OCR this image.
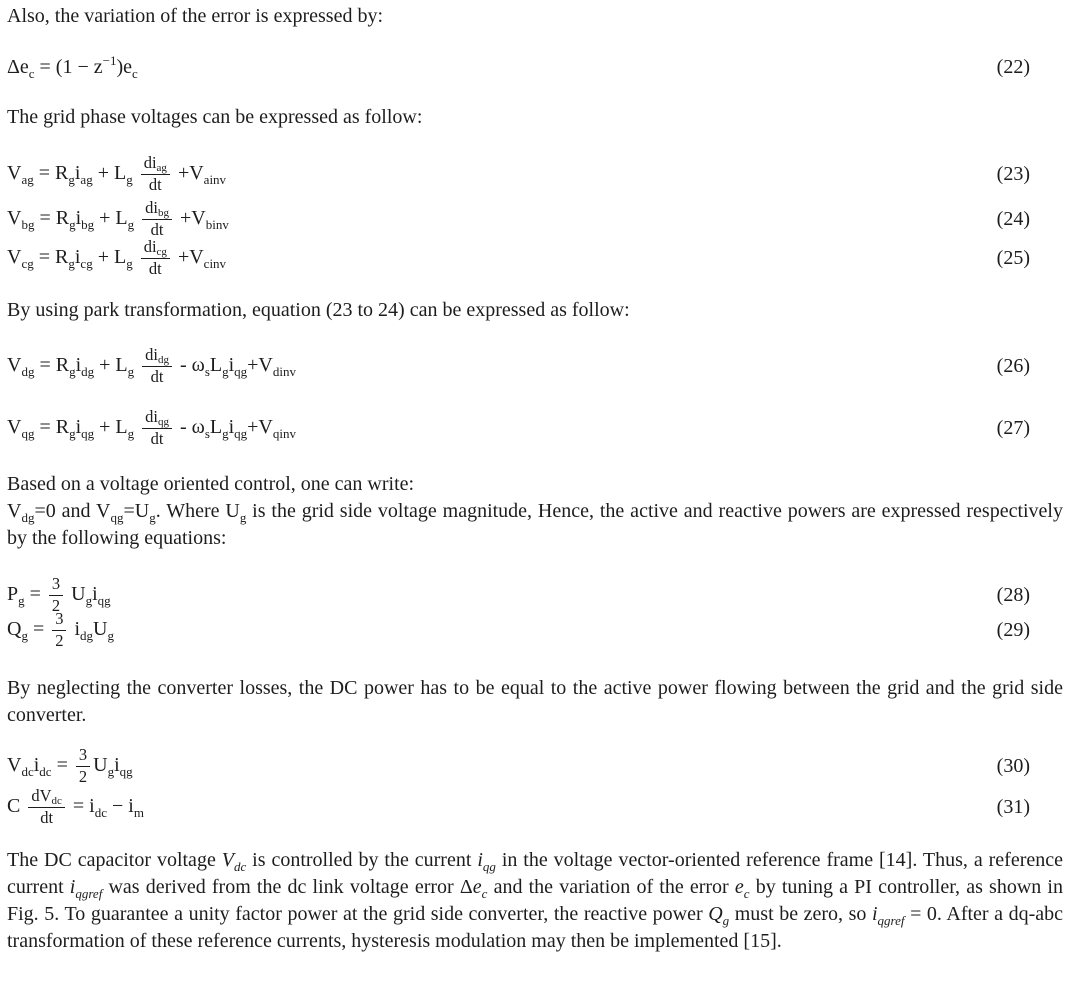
Also, the variation of the error is expressed by:

$\Delta e_c = (1 - z^{-1})e_c$	(22)

The grid phase voltages can be expressed as follow:

$V_{ag} = R_gi_{ag} + L_g \frac{\text{diag}}{dt} +V_{ainv}$	(23)
$V_{bg} = R_gi_{bg} + L_g \frac{\text{dibg}}{dt} +V_{binv}$	(24)
$V_{cg} = R_gi_{cg} + L_g \frac{\text{dicg}}{dt} +V_{cinv}$	(25)

By using park transformation, equation (23 to 24) can be expressed as follow:

$V_{dg} = R_gi_{dg} + L_g \frac{\text{didg}}{dt} - \omega_sL_gi_{qg}+V_{dinv}$	(26)
$V_{qg} = R_gi_{qg} + L_g \frac{\text{diqg}}{dt} - \omega_sL_gi_{qg}+V_{qinv}$	(27)

Based on a voltage oriented control, one can write:

$V_{dg}=0$ and $V_{qg}=U_g$. Where $U_g$ is the grid side voltage magnitude, Hence, the active and reactive powers are expressed respectively by the following equations:

$P_g = \frac{3}{2} U_gi_{qg}$	(28)
$Q_g = \frac{3}{2} i_{dg}U_g$	(29)

By neglecting the converter losses, the DC power has to be equal to the active power flowing between the grid and the grid side converter.

$V_{dc}i_{dc} = \frac{3}{2} U_gi_{qg}$	(30)
C $\frac{\text{dVdc}}{dt} = i_{dc} - i_m$	(31)

The DC capacitor voltage $V_{dc}$ is controlled by the current $i_{qg}$ in the voltage vector-oriented reference frame [14]. Thus, a reference current $i_{qgref}$ was derived from the dc link voltage error $\Delta e_c$ and the variation of the error $e_c$ by tuning a PI controller, as shown in Fig. 5. To guarantee a unity factor power at the grid side converter, the reactive power $Q_g$ must be zero, so $i_{qgref} = 0$. After a dq-abc transformation of these reference currents, hysteresis modulation may then be implemented [15].
